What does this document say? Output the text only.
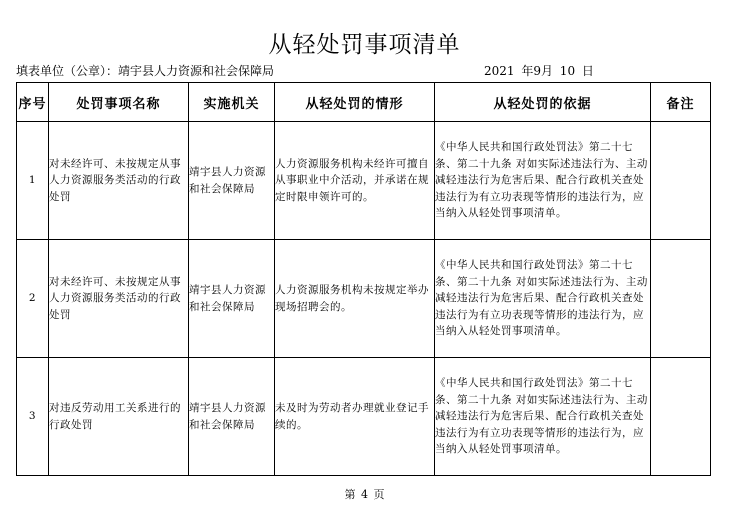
从轻处罚事项清单
填表单位（公章）：靖宇县人力资源和社会保障局	2021 年9月 10 日
序号	处罚事项名称	实施机关	从轻处罚的情形	从轻处罚的依据	备注
1	对未经许可、未按规定从事人力资源服务类活动的行政处罚	靖宇县人力资源和社会保障局	人力资源服务机构未经许可擅自从事职业中介活动，并承诺在规定时限申领许可的。	《中华人民共和国行政处罚法》第二十七条、第二十九条 对如实际述违法行为、主动减轻违法行为危害后果、配合行政机关查处违法行为有立功表现等情形的违法行为，应当纳入从轻处罚事项清单。	
2	对未经许可、未按规定从事人力资源服务类活动的行政处罚	靖宇县人力资源和社会保障局	人力资源服务机构未按规定举办现场招聘会的。	《中华人民共和国行政处罚法》第二十七条、第二十九条 对如实际述违法行为、主动减轻违法行为危害后果、配合行政机关查处违法行为有立功表现等情形的违法行为，应当纳入从轻处罚事项清单。	
3	对违反劳动用工关系进行的行政处罚	靖宇县人力资源和社会保障局	未及时为劳动者办理就业登记手续的。	《中华人民共和国行政处罚法》第二十七条、第二十九条 对如实际述违法行为、主动减轻违法行为危害后果、配合行政机关查处违法行为有立功表现等情形的违法行为，应当纳入从轻处罚事项清单。	
第 4 页
